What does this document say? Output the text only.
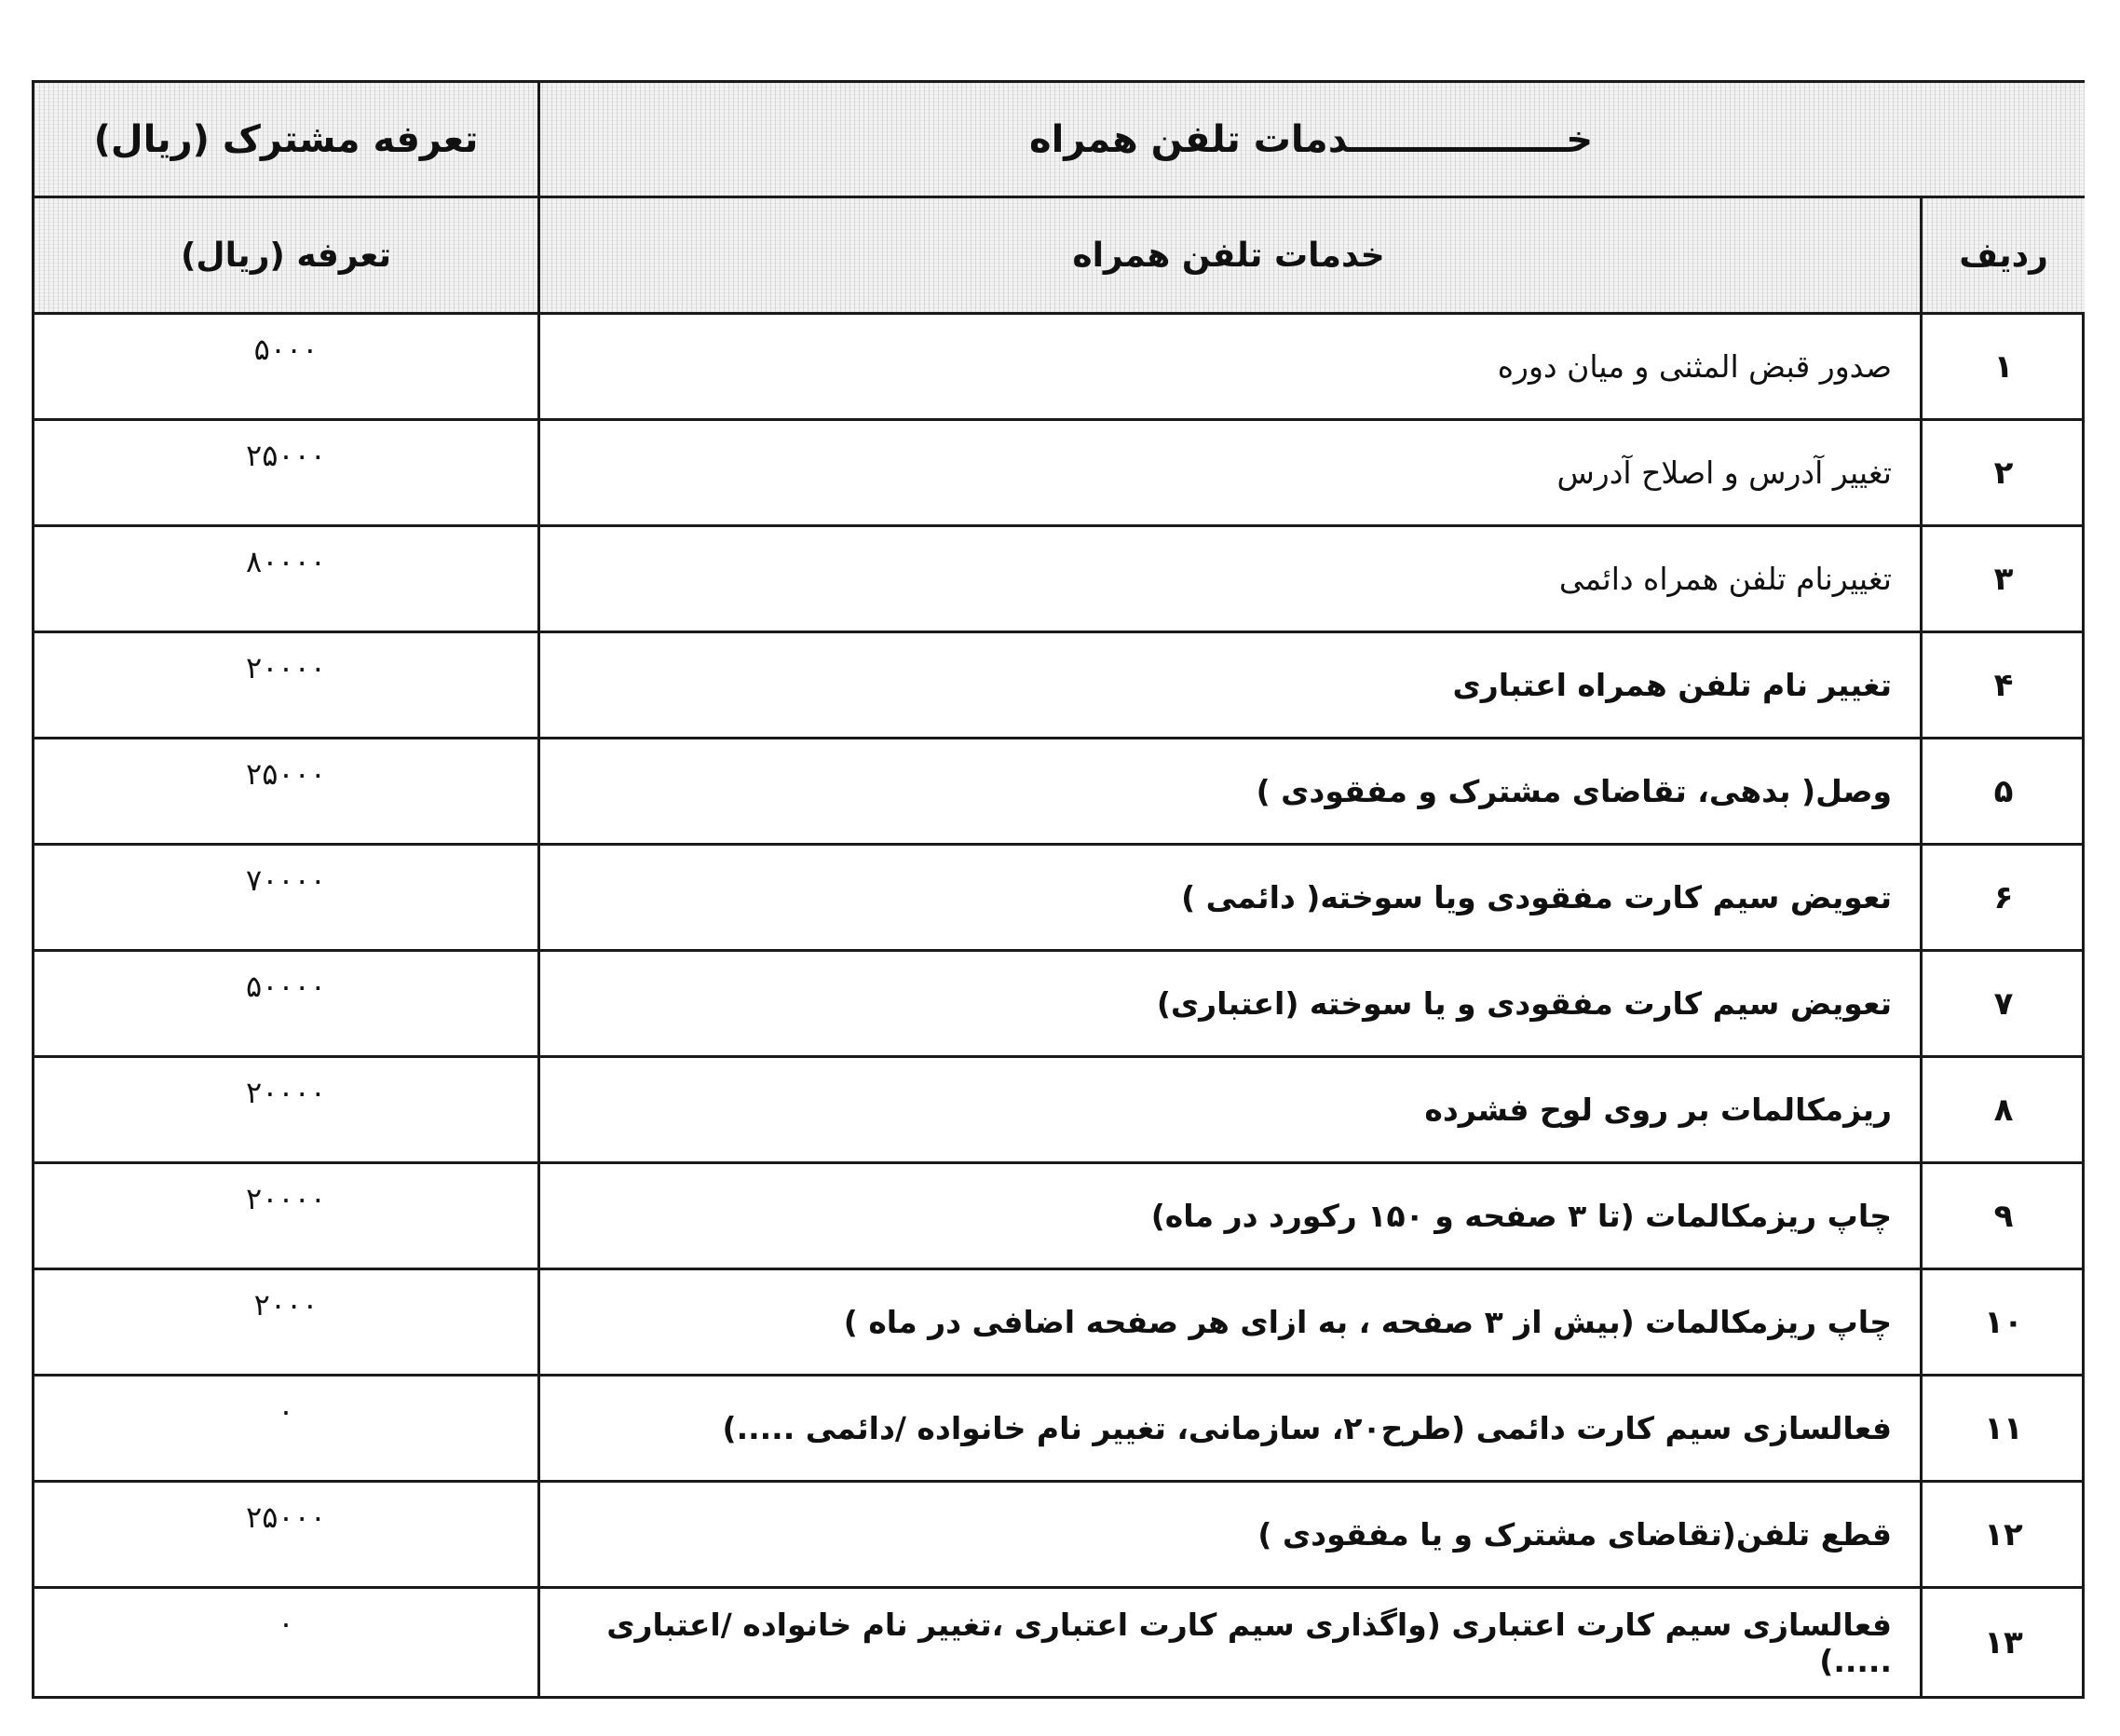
خـــــــــــــــــدمات تلفن همراه
تعرفه مشترک (ریال)
ردیف
خدمات تلفن همراه
تعرفه (ریال)
۱
صدور قبض المثنی و میان دوره
۵۰۰۰
۲
تغییر آدرس و اصلاح آدرس
۲۵۰۰۰
۳
تغییرنام تلفن همراه دائمی
۸۰۰۰۰
۴
تغییر نام تلفن همراه اعتباری
۲۰۰۰۰
۵
وصل( بدهی، تقاضای مشترک و مفقودی )
۲۵۰۰۰
۶
تعویض سیم کارت مفقودی ویا سوخته( دائمی )
۷۰۰۰۰
۷
تعویض سیم کارت مفقودی و یا سوخته (اعتباری)
۵۰۰۰۰
۸
ریزمکالمات بر روی لوح فشرده
۲۰۰۰۰
۹
چاپ ریزمکالمات (تا ۳ صفحه و ۱۵۰ رکورد در ماه)
۲۰۰۰۰
۱۰
چاپ ریزمکالمات (بیش از ۳ صفحه ، به ازای هر صفحه اضافی در ماه )
۲۰۰۰
۱۱
فعالسازی سیم کارت دائمی (طرح۲۰، سازمانی، تغییر نام خانواده /دائمی .....)
۰
۱۲
قطع تلفن(تقاضای مشترک و یا مفقودی )
۲۵۰۰۰
۱۳
فعالسازی سیم کارت اعتباری (واگذاری سیم کارت اعتباری ،تغییر نام خانواده /اعتباری .....)
۰
